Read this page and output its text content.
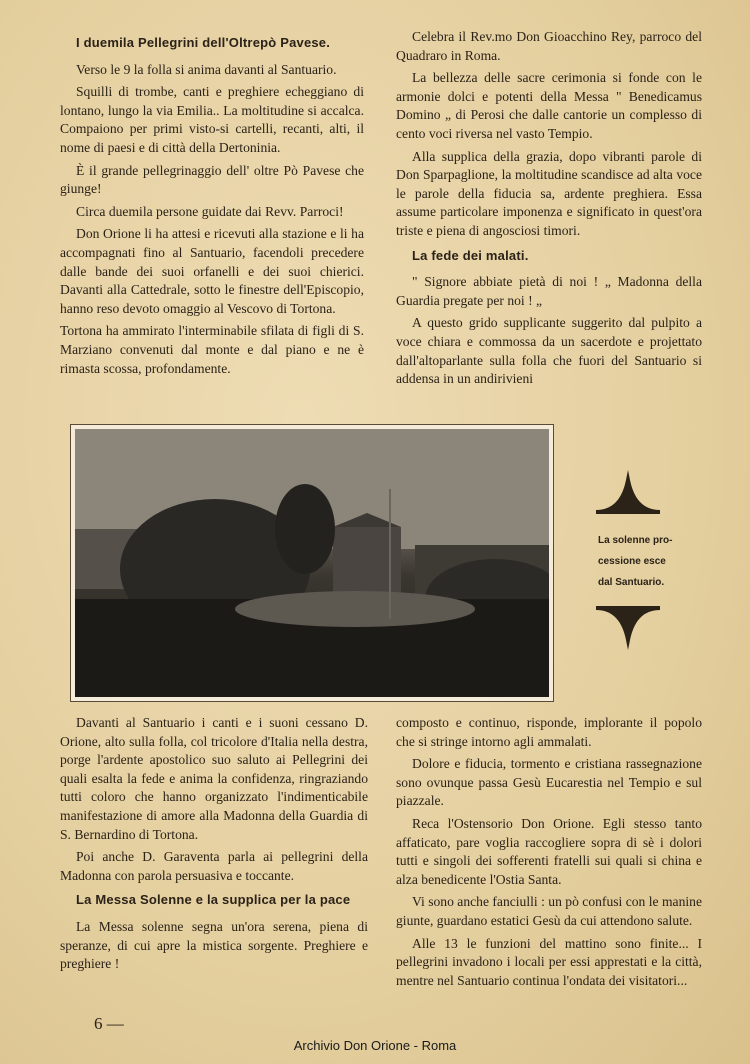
I duemila Pellegrini dell'Oltrepò Pavese.

Verso le 9 la folla si anima davanti al Santuario.

Squilli di trombe, canti e preghiere echeggiano di lontano, lungo la via Emilia.. La moltitudine si accalca. Compaiono per primi visto-si cartelli, recanti, alti, il nome di paesi e di città della Dertoninia.

È il grande pellegrinaggio dell' oltre Pò Pavese che giunge!

Circa duemila persone guidate dai Revv. Parroci!

Don Orione li ha attesi e ricevuti alla stazione e li ha accompagnati fino al Santuario, facendoli precedere dalle bande dei suoi orfanelli e dei suoi chierici. Davanti alla Cattedrale, sotto le finestre dell'Episcopio, hanno reso devoto omaggio al Vescovo di Tortona.

Tortona ha ammirato l'interminabile sfilata di figli di S. Marziano convenuti dal monte e dal piano e ne è rimasta scossa, profondamente.

Celebra il Rev.mo Don Gioacchino Rey, parroco del Quadraro in Roma.

La bellezza delle sacre cerimonia si fonde con le armonie dolci e potenti della Messa " Benedicamus Domino „ di Perosi che dalle cantorie un complesso di cento voci riversa nel vasto Tempio.

Alla supplica della grazia, dopo vibranti parole di Don Sparpaglione, la moltitudine scandisce ad alta voce le parole della fiducia sa, ardente preghiera. Essa assume particolare imponenza e significato in quest'ora triste e piena di angosciosi timori.

La fede dei malati.

" Signore abbiate pietà di noi ! „ Madonna della Guardia pregate per noi ! „

A questo grido supplicante suggerito dal pulpito a voce chiara e commossa da un sacerdote e projettato dall'altoparlante sulla folla che fuori del Santuario si addensa in un andirivieni

La solenne pro-
cessione esce
dal Santuario.

Davanti al Santuario i canti e i suoni cessano D. Orione, alto sulla folla, col tricolore d'Italia nella destra, porge l'ardente apostolico suo saluto ai Pellegrini dei quali esalta la fede e anima la confidenza, ringraziando tutti coloro che hanno organizzato l'indimenticabile manifestazione di amore alla Madonna della Guardia di S. Bernardino di Tortona.

Poi anche D. Garaventa parla ai pellegrini della Madonna con parola persuasiva e toccante.

La Messa Solenne e la supplica per la pace

La Messa solenne segna un'ora serena, piena di speranze, di cui apre la mistica sorgente. Preghiere e preghiere !

composto e continuo, risponde, implorante il popolo che si stringe intorno agli ammalati.

Dolore e fiducia, tormento e cristiana rassegnazione sono ovunque passa Gesù Eucarestia nel Tempio e sul piazzale.

Reca l'Ostensorio Don Orione. Egli stesso tanto affaticato, pare voglia raccogliere sopra di sè i dolori tutti e singoli dei sofferenti fratelli sui quali si china e alza benedicente l'Ostia Santa.

Vi sono anche fanciulli : un pò confusi con le manine giunte, guardano estatici Gesù da cui attendono salute.

Alle 13 le funzioni del mattino sono finite... I pellegrini invadono i locali per essi apprestati e la città, mentre nel Santuario continua l'ondata dei visitatori...

6 —
Archivio Don Orione - Roma
